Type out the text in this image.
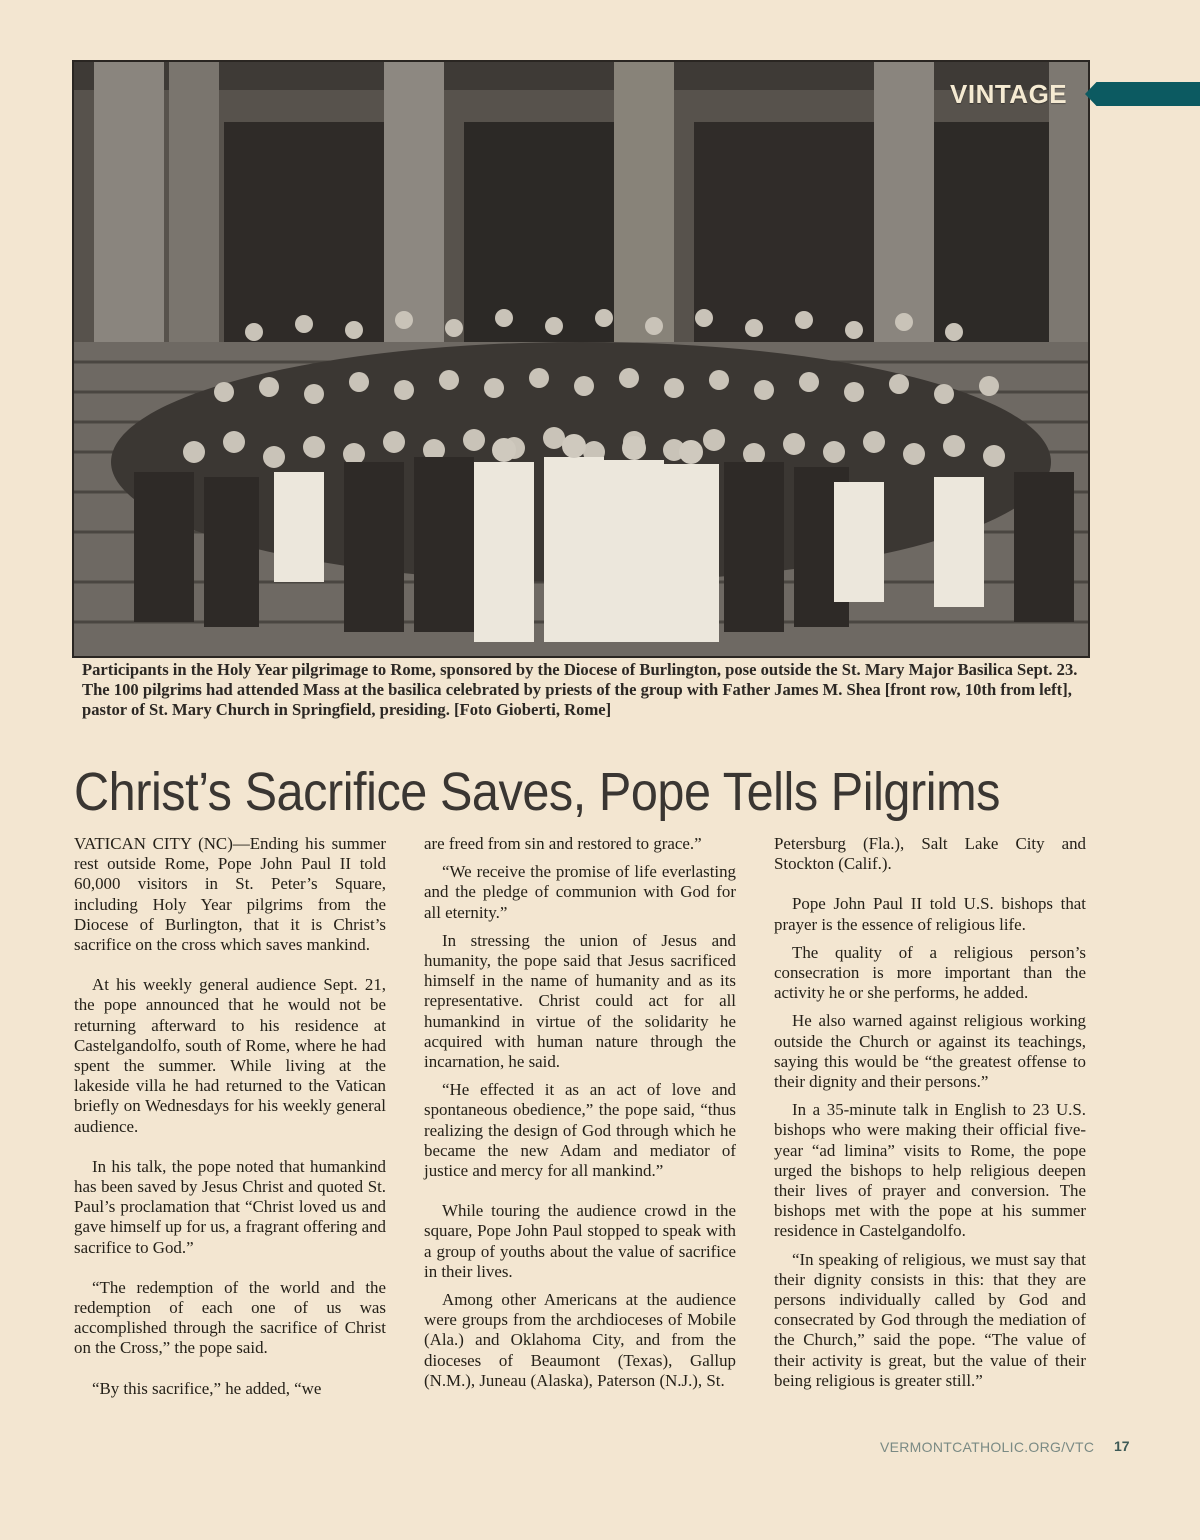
VINTAGE
Participants in the Holy Year pilgrimage to Rome, sponsored by the Diocese of Burlington, pose outside the St. Mary Major Basilica Sept. 23. The 100 pilgrims had attended Mass at the basilica celebrated by priests of the group with Father James M. Shea [front row, 10th from left], pastor of St. Mary Church in Springfield, presiding. [Foto Gioberti, Rome]
Christ’s Sacrifice Saves, Pope Tells Pilgrims

VATICAN CITY (NC)—Ending his summer rest outside Rome, Pope John Paul II told 60,000 visitors in St. Peter’s Square, including Holy Year pilgrims from the Diocese of Burlington, that it is Christ’s sacrifice on the cross which saves mankind.

At his weekly general audience Sept. 21, the pope announced that he would not be returning afterward to his residence at Castelgandolfo, south of Rome, where he had spent the summer. While living at the lakeside villa he had returned to the Vatican briefly on Wednesdays for his weekly general audience.

In his talk, the pope noted that humankind has been saved by Jesus Christ and quoted St. Paul’s proclamation that “Christ loved us and gave himself up for us, a fragrant offering and sacrifice to God.”

“The redemption of the world and the redemption of each one of us was accomplished through the sacrifice of Christ on the Cross,” the pope said.

“By this sacrifice,” he added, “we

are freed from sin and restored to grace.”

“We receive the promise of life everlasting and the pledge of communion with God for all eternity.”

In stressing the union of Jesus and humanity, the pope said that Jesus sacrificed himself in the name of humanity and as its representative. Christ could act for all humankind in virtue of the solidarity he acquired with human nature through the incarnation, he said.

“He effected it as an act of love and spontaneous obedience,” the pope said, “thus realizing the design of God through which he became the new Adam and mediator of justice and mercy for all mankind.”

While touring the audience crowd in the square, Pope John Paul stopped to speak with a group of youths about the value of sacrifice in their lives.

Among other Americans at the audience were groups from the archdioceses of Mobile (Ala.) and Oklahoma City, and from the dioceses of Beaumont (Texas), Gallup (N.M.), Juneau (Alaska), Paterson (N.J.), St.

Petersburg (Fla.), Salt Lake City and Stockton (Calif.).

Pope John Paul II told U.S. bishops that prayer is the essence of religious life.

The quality of a religious person’s consecration is more important than the activity he or she performs, he added.

He also warned against religious working outside the Church or against its teachings, saying this would be “the greatest offense to their dignity and their persons.”

In a 35-minute talk in English to 23 U.S. bishops who were making their official five-year “ad limina” visits to Rome, the pope urged the bishops to help religious deepen their lives of prayer and conversion. The bishops met with the pope at his summer residence in Castelgandolfo.

“In speaking of religious, we must say that their dignity consists in this: that they are persons individually called by God and consecrated by God through the mediation of the Church,” said the pope. “The value of their activity is great, but the value of their being religious is greater still.”

VERMONTCATHOLIC.ORG/VTC 17
